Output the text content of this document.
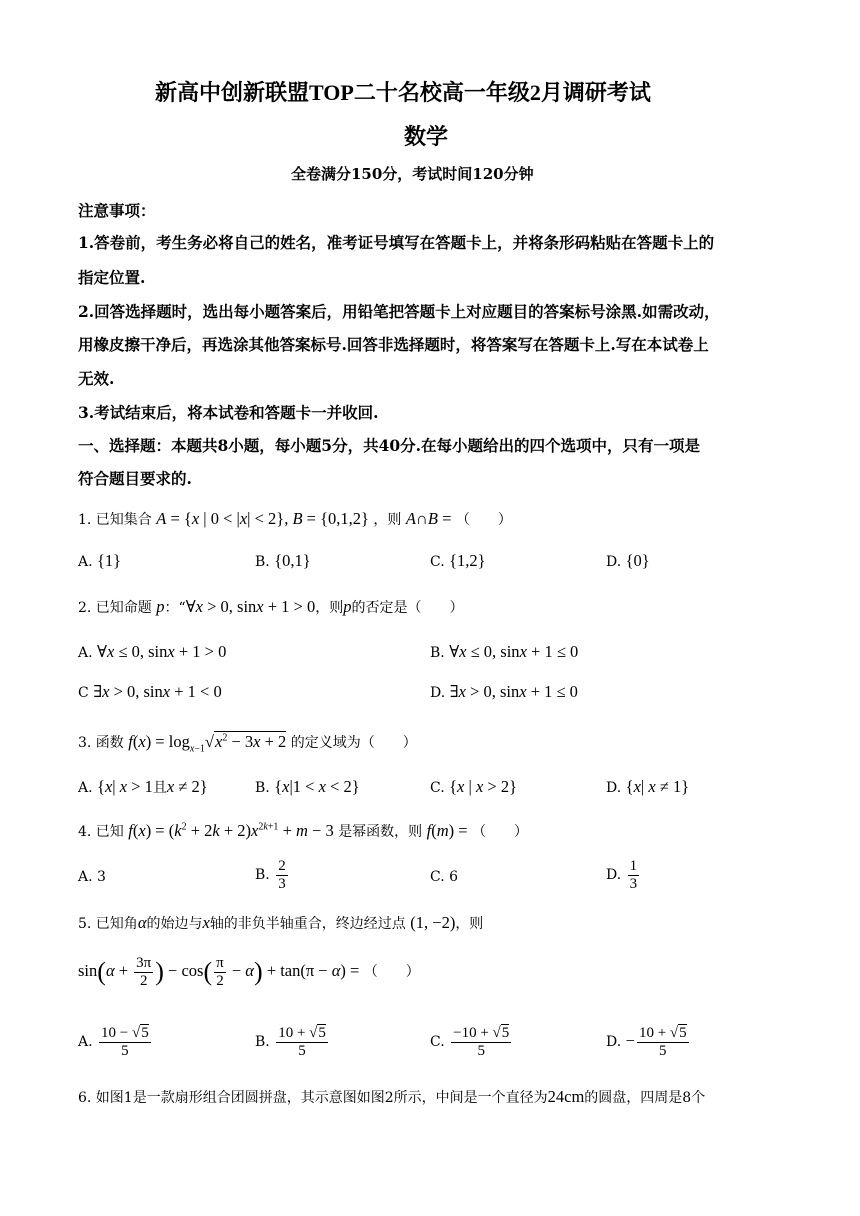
新高中创新联盟TOP二十名校高一年级2月调研考试
数学
全卷满分150分，考试时间120分钟
注意事项：
1.答卷前，考生务必将自己的姓名，准考证号填写在答题卡上，并将条形码粘贴在答题卡上的
指定位置.
2.回答选择题时，选出每小题答案后，用铅笔把答题卡上对应题目的答案标号涂黑.如需改动，
用橡皮擦干净后，再选涂其他答案标号.回答非选择题时，将答案写在答题卡上.写在本试卷上
无效.
3.考试结束后，将本试卷和答题卡一并收回.
一、选择题：本题共8小题，每小题5分，共40分.在每小题给出的四个选项中，只有一项是
符合题目要求的.
1. 已知集合 A = {x | 0 < |x| < 2}, B = {0,1,2} ，则 A∩B = （　　）
A. {1}	B. {0,1}	C. {1,2}	D. {0}
2. 已知命题 p：“∀x > 0, sinx + 1 > 0，则p的否定是（　　）
A. ∀x ≤ 0, sinx + 1 > 0	B. ∀x ≤ 0, sinx + 1 ≤ 0
C ∃x > 0, sinx + 1 < 0	D. ∃x > 0, sinx + 1 ≤ 0
3. 函数 $f(x) = \log_{x-1}√x^2 - 3x + 2$ 的定义域为（　　）
A. {x| x > 1且x ≠ 2}	B. {x|1 < x < 2}	C. {x | x > 2}	D. {x| x ≠ 1}
4. 已知 $f(x) = (k^2 + 2k + 2)x^{2k+1} + m - 3$ 是幂函数，则 f(m) = （　　）
A. 3	B. $\frac{2}{3}$	C. 6	D. $\frac{1}{3}$
5. 已知角α的始边与x轴的非负半轴重合，终边经过点 (1, −2)，则
$\sin(\alpha + \frac{3\pi}{2}$ ) − $\cos( \frac{\pi}{2} - \alpha) + \tan(\pi - \alpha)$ = （　　）
A. $\frac{10 - √5}{5}$	B. $\frac{10 + √5}{5}$	C. $\frac{-10 + √5}{5}$	D. − $\frac{10 + √5}{5}$
6. 如图1是一款扇形组合团圆拼盘，其示意图如图2所示，中间是一个直径为24cm的圆盘，四周是8个
